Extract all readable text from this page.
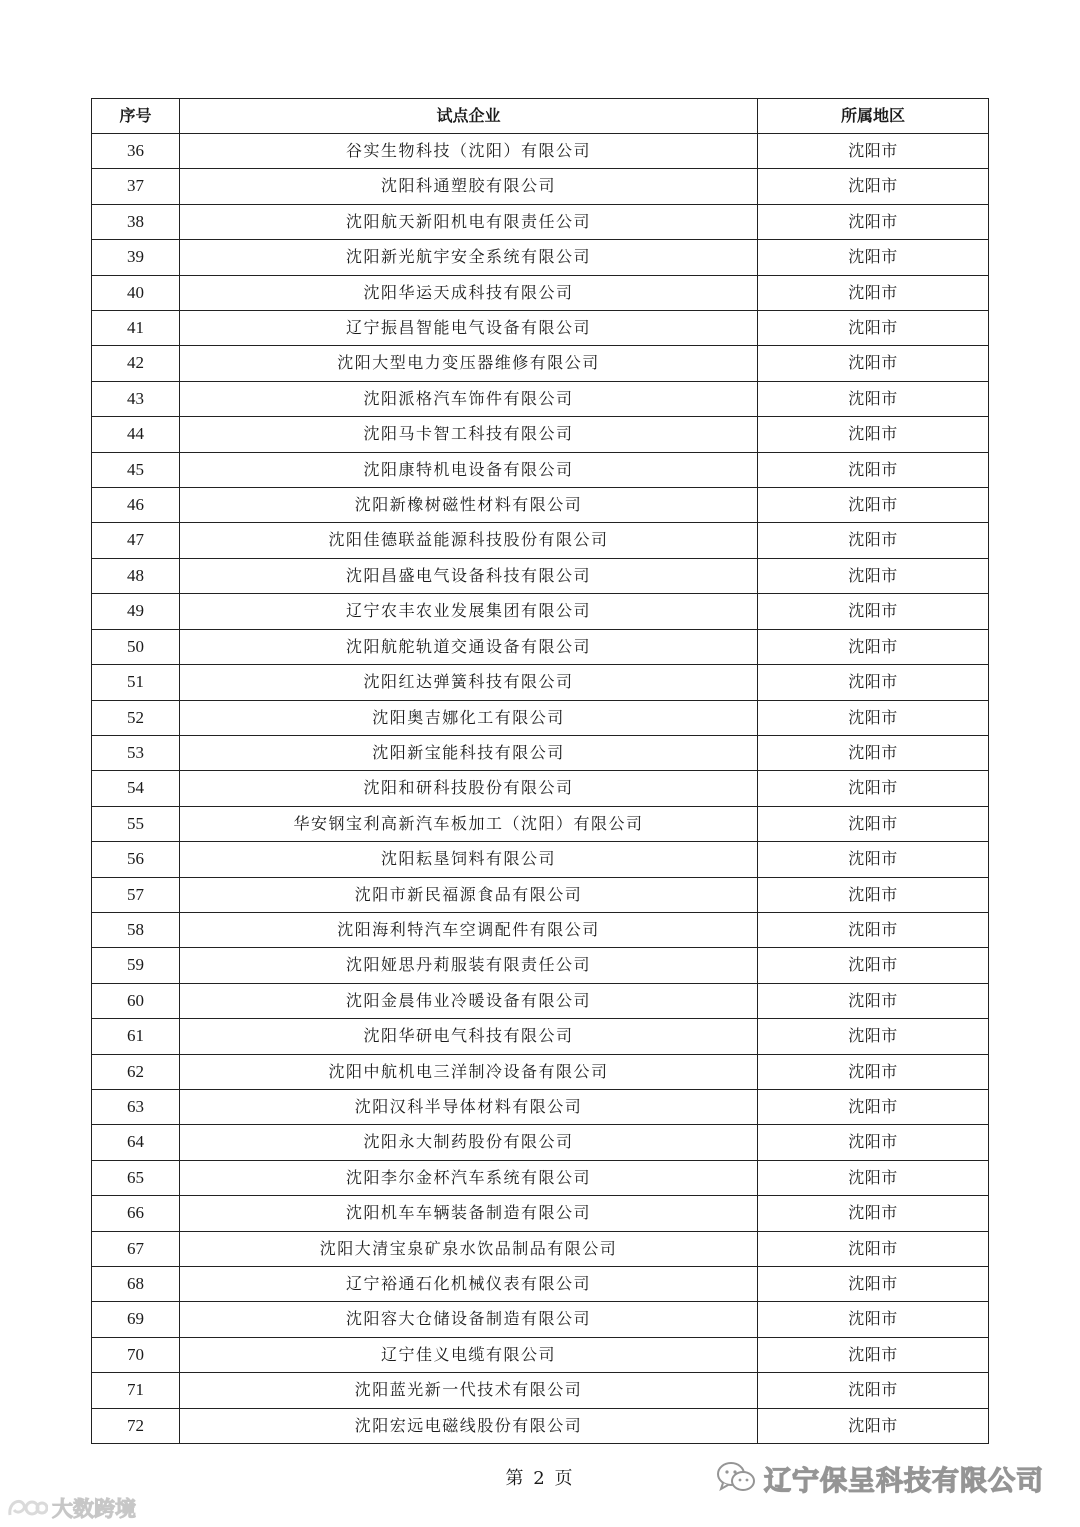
序号	试点企业	所属地区
36	谷实生物科技（沈阳）有限公司	沈阳市
37	沈阳科通塑胶有限公司	沈阳市
38	沈阳航天新阳机电有限责任公司	沈阳市
39	沈阳新光航宇安全系统有限公司	沈阳市
40	沈阳华运天成科技有限公司	沈阳市
41	辽宁振昌智能电气设备有限公司	沈阳市
42	沈阳大型电力变压器维修有限公司	沈阳市
43	沈阳派格汽车饰件有限公司	沈阳市
44	沈阳马卡智工科技有限公司	沈阳市
45	沈阳康特机电设备有限公司	沈阳市
46	沈阳新橡树磁性材料有限公司	沈阳市
47	沈阳佳德联益能源科技股份有限公司	沈阳市
48	沈阳昌盛电气设备科技有限公司	沈阳市
49	辽宁农丰农业发展集团有限公司	沈阳市
50	沈阳航舵轨道交通设备有限公司	沈阳市
51	沈阳红达弹簧科技有限公司	沈阳市
52	沈阳奥吉娜化工有限公司	沈阳市
53	沈阳新宝能科技有限公司	沈阳市
54	沈阳和研科技股份有限公司	沈阳市
55	华安钢宝利高新汽车板加工（沈阳）有限公司	沈阳市
56	沈阳耘垦饲料有限公司	沈阳市
57	沈阳市新民福源食品有限公司	沈阳市
58	沈阳海利特汽车空调配件有限公司	沈阳市
59	沈阳娅思丹莉服装有限责任公司	沈阳市
60	沈阳金晨伟业冷暖设备有限公司	沈阳市
61	沈阳华研电气科技有限公司	沈阳市
62	沈阳中航机电三洋制冷设备有限公司	沈阳市
63	沈阳汉科半导体材料有限公司	沈阳市
64	沈阳永大制药股份有限公司	沈阳市
65	沈阳李尔金杯汽车系统有限公司	沈阳市
66	沈阳机车车辆装备制造有限公司	沈阳市
67	沈阳大清宝泉矿泉水饮品制品有限公司	沈阳市
68	辽宁裕通石化机械仪表有限公司	沈阳市
69	沈阳容大仓储设备制造有限公司	沈阳市
70	辽宁佳义电缆有限公司	沈阳市
71	沈阳蓝光新一代技术有限公司	沈阳市
72	沈阳宏远电磁线股份有限公司	沈阳市
第 2 页
大数跨境
辽宁保呈科技有限公司
